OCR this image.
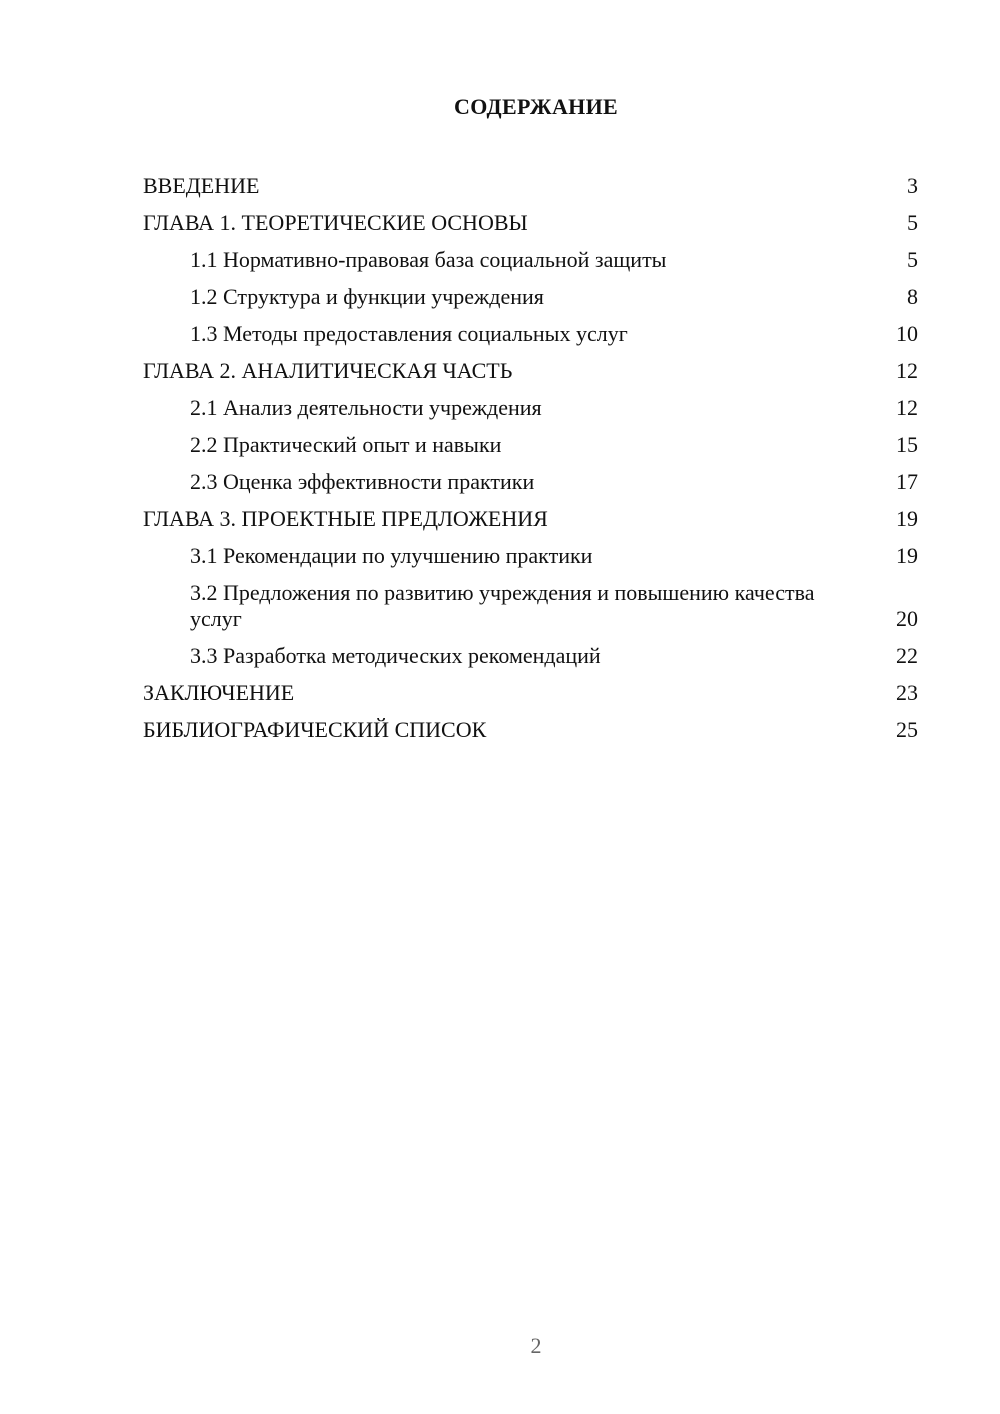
СОДЕРЖАНИЕ
ВВЕДЕНИЕ	3
ГЛАВА 1. ТЕОРЕТИЧЕСКИЕ ОСНОВЫ	5
1.1 Нормативно-правовая база социальной защиты	5
1.2 Структура и функции учреждения	8
1.3 Методы предоставления социальных услуг	10
ГЛАВА 2. АНАЛИТИЧЕСКАЯ ЧАСТЬ	12
2.1 Анализ деятельности учреждения	12
2.2 Практический опыт и навыки	15
2.3 Оценка эффективности практики	17
ГЛАВА 3. ПРОЕКТНЫЕ ПРЕДЛОЖЕНИЯ	19
3.1 Рекомендации по улучшению практики	19
3.2 Предложения по развитию учреждения и повышению качества услуг	20
3.3 Разработка методических рекомендаций	22
ЗАКЛЮЧЕНИЕ	23
БИБЛИОГРАФИЧЕСКИЙ СПИСОК	25
2
